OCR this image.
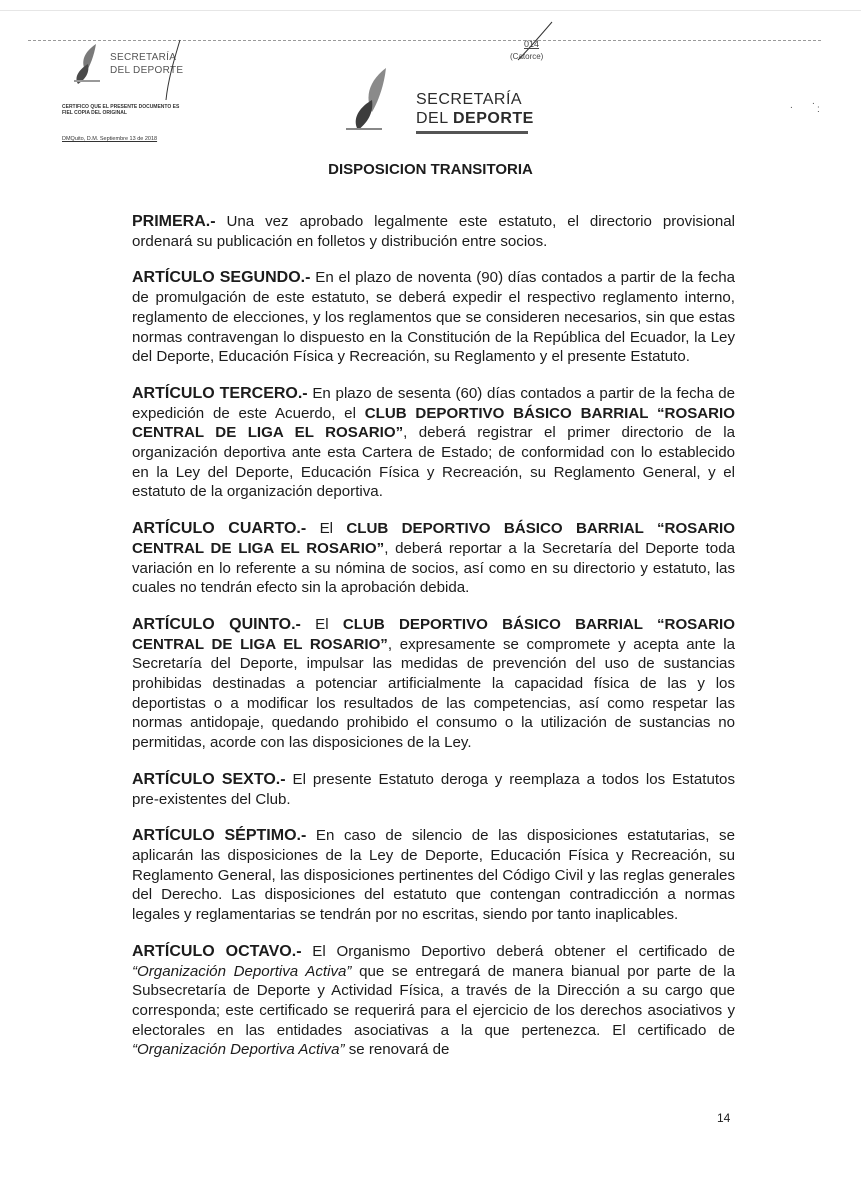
SECRETARÍA
DEL DEPORTE
CERTIFICO QUE EL PRESENTE DOCUMENTO ES FIEL COPIA DEL ORIGINAL
DMQuito, D.M. Septiembre 13 de 2018
014
(Catorce)
SECRETARÍA
DEL DEPORTE
. .
:
DISPOSICION TRANSITORIA

PRIMERA.- Una vez aprobado legalmente este estatuto, el directorio provisional ordenará su publicación en folletos y distribución entre socios.

ARTÍCULO SEGUNDO.- En el plazo de noventa (90) días contados a partir de la fecha de promulgación de este estatuto, se deberá expedir el respectivo reglamento interno, reglamento de elecciones, y los reglamentos que se consideren necesarios, sin que estas normas contravengan lo dispuesto en la Constitución de la República del Ecuador, la Ley del Deporte, Educación Física y Recreación, su Reglamento y el presente Estatuto.

ARTÍCULO TERCERO.- En plazo de sesenta (60) días contados a partir de la fecha de expedición de este Acuerdo, el CLUB DEPORTIVO BÁSICO BARRIAL “ROSARIO CENTRAL DE LIGA EL ROSARIO”, deberá registrar el primer directorio de la organización deportiva ante esta Cartera de Estado; de conformidad con lo establecido en la Ley del Deporte, Educación Física y Recreación, su Reglamento General, y el estatuto de la organización deportiva.

ARTÍCULO CUARTO.- El CLUB DEPORTIVO BÁSICO BARRIAL “ROSARIO CENTRAL DE LIGA EL ROSARIO”, deberá reportar a la Secretaría del Deporte toda variación en lo referente a su nómina de socios, así como en su directorio y estatuto, las cuales no tendrán efecto sin la aprobación debida.

ARTÍCULO QUINTO.- El CLUB DEPORTIVO BÁSICO BARRIAL “ROSARIO CENTRAL DE LIGA EL ROSARIO”, expresamente se compromete y acepta ante la Secretaría del Deporte, impulsar las medidas de prevención del uso de sustancias prohibidas destinadas a potenciar artificialmente la capacidad física de las y los deportistas o a modificar los resultados de las competencias, así como respetar las normas antidopaje, quedando prohibido el consumo o la utilización de sustancias no permitidas, acorde con las disposiciones de la Ley.

ARTÍCULO SEXTO.- El presente Estatuto deroga y reemplaza a todos los Estatutos pre-existentes del Club.

ARTÍCULO SÉPTIMO.- En caso de silencio de las disposiciones estatutarias, se aplicarán las disposiciones de la Ley de Deporte, Educación Física y Recreación, su Reglamento General, las disposiciones pertinentes del Código Civil y las reglas generales del Derecho. Las disposiciones del estatuto que contengan contradicción a normas legales y reglamentarias se tendrán por no escritas, siendo por tanto inaplicables.

ARTÍCULO OCTAVO.- El Organismo Deportivo deberá obtener el certificado de “Organización Deportiva Activa” que se entregará de manera bianual por parte de la Subsecretaría de Deporte y Actividad Física, a través de la Dirección a su cargo que corresponda; este certificado se requerirá para el ejercicio de los derechos asociativos y electorales en las entidades asociativas a la que pertenezca. El certificado de “Organización Deportiva Activa” se renovará de

14
